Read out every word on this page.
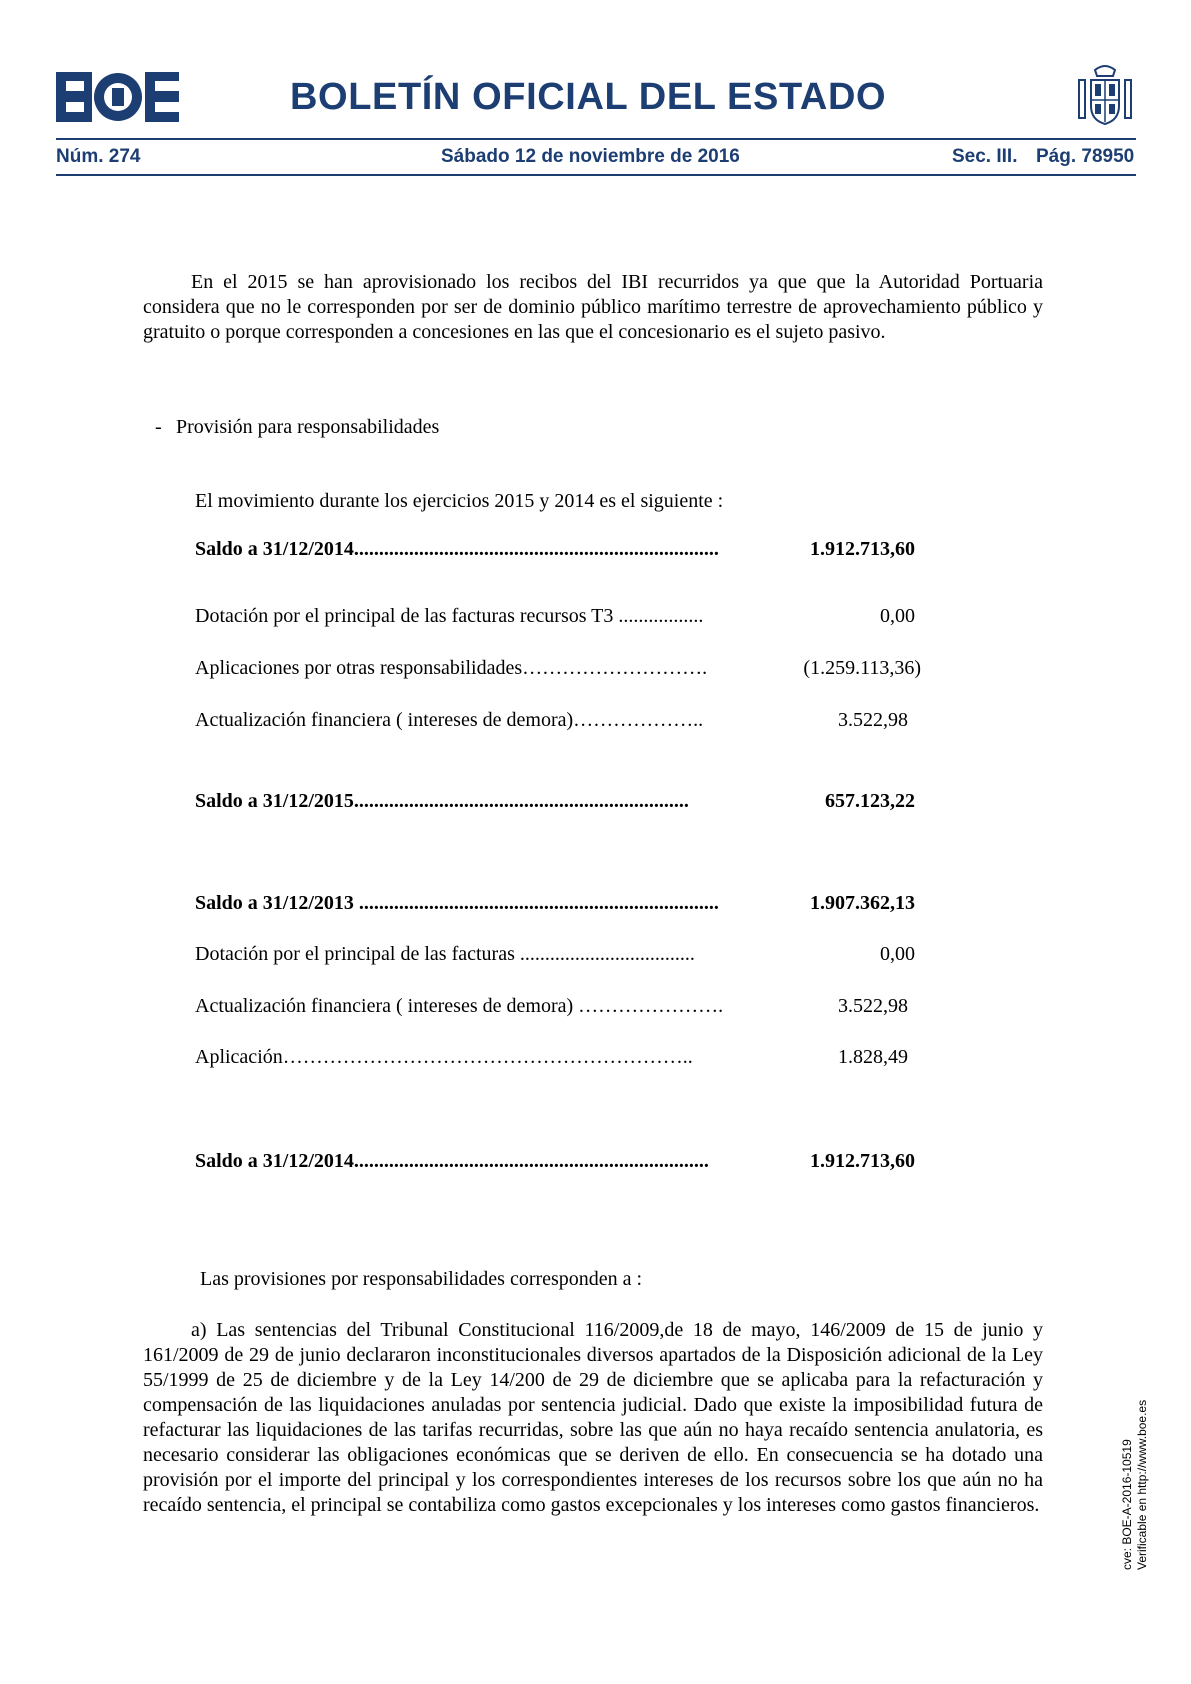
BOLETÍN OFICIAL DEL ESTADO
Núm. 274	Sábado 12 de noviembre de 2016	Sec. III. Pág. 78950
En el 2015 se han aprovisionado los recibos del IBI recurridos ya que que la Autoridad Portuaria considera que no le corresponden por ser de dominio público marítimo terrestre de aprovechamiento público y gratuito o porque corresponden a concesiones en las que el concesionario es el sujeto pasivo.
- Provisión para responsabilidades
El movimiento durante los ejercicios 2015 y 2014 es el siguiente :
Saldo a 31/12/2014.........................................................................	1.912.713,60
Dotación por el principal de las facturas recursos T3 .................	0,00
Aplicaciones por otras responsabilidades……………………….	(1.259.113,36)
Actualización financiera ( intereses de demora)………………..	3.522,98
Saldo a 31/12/2015...................................................................	657.123,22
Saldo a 31/12/2013 ........................................................................	1.907.362,13
Dotación por el principal de las facturas ...................................	0,00
Actualización financiera ( intereses de demora) ………………….	3.522,98
Aplicación……………………………………………………..	1.828,49
Saldo a 31/12/2014.......................................................................	1.912.713,60
Las provisiones por responsabilidades corresponden a :
a) Las sentencias del Tribunal Constitucional 116/2009,de 18 de mayo, 146/2009 de 15 de junio y 161/2009 de 29 de junio declararon inconstitucionales diversos apartados de la Disposición adicional de la Ley 55/1999 de 25 de diciembre y de la Ley 14/200 de 29 de diciembre que se aplicaba para la refacturación y compensación de las liquidaciones anuladas por sentencia judicial. Dado que existe la imposibilidad futura de refacturar las liquidaciones de las tarifas recurridas, sobre las que aún no haya recaído sentencia anulatoria, es necesario considerar las obligaciones económicas que se deriven de ello. En consecuencia se ha dotado una provisión por el importe del principal y los correspondientes intereses de los recursos sobre los que aún no ha recaído sentencia, el principal se contabiliza como gastos excepcionales y los intereses como gastos financieros.	cve: BOE-A-2016-10519 Verificable en http://www.boe.es
